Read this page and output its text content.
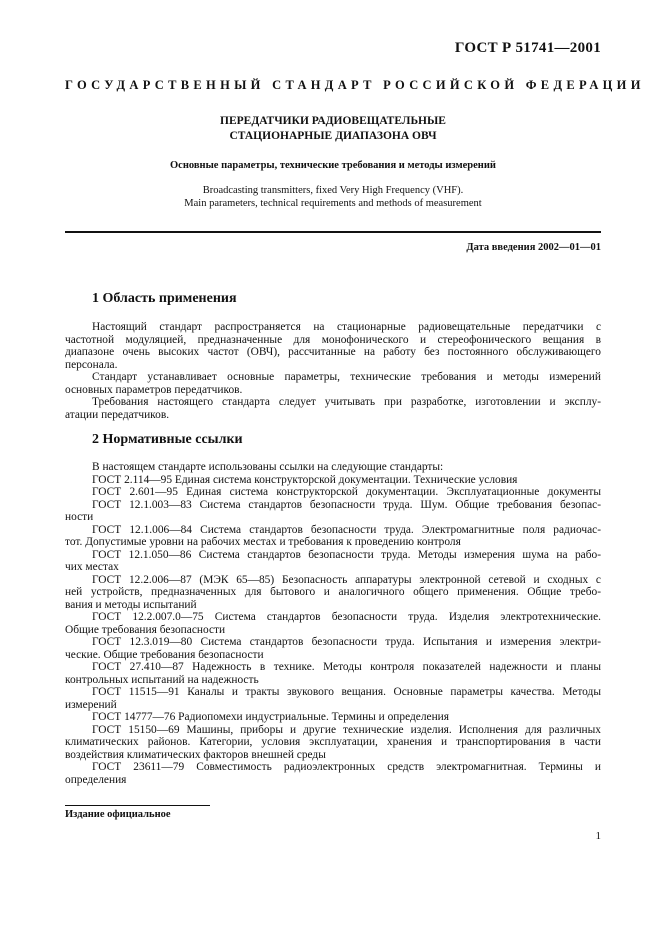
ГОСТ Р 51741—2001
ГОСУДАРСТВЕННЫЙ СТАНДАРТ РОССИЙСКОЙ ФЕДЕРАЦИИ
ПЕРЕДАТЧИКИ РАДИОВЕЩАТЕЛЬНЫЕ
СТАЦИОНАРНЫЕ ДИАПАЗОНА ОВЧ
Основные параметры, технические требования и методы измерений
Broadcasting transmitters, fixed Very High Frequency (VHF).
Main parameters, technical requirements and methods of measurement
Дата введения 2002—01—01
1 Область применения
Настоящий стандарт распространяется на стационарные радиовещательные передатчики с
частотной модуляцией, предназначенные для монофонического и стереофонического вещания в
диапазоне очень высоких частот (ОВЧ), рассчитанные на работу без постоянного обслуживающего
персонала.
Стандарт устанавливает основные параметры, технические требования и методы измерений
основных параметров передатчиков.
Требования настоящего стандарта следует учитывать при разработке, изготовлении и эксплу-
атации передатчиков.
2 Нормативные ссылки
В настоящем стандарте использованы ссылки на следующие стандарты:
ГОСТ 2.114—95 Единая система конструкторской документации. Технические условия
ГОСТ 2.601—95 Единая система конструкторской документации. Эксплуатационные документы
ГОСТ 12.1.003—83 Система стандартов безопасности труда. Шум. Общие требования безопас-
ности
ГОСТ 12.1.006—84 Система стандартов безопасности труда. Электромагнитные поля радиочас-
тот. Допустимые уровни на рабочих местах и требования к проведению контроля
ГОСТ 12.1.050—86 Система стандартов безопасности труда. Методы измерения шума на рабо-
чих местах
ГОСТ 12.2.006—87 (МЭК 65—85) Безопасность аппаратуры электронной сетевой и сходных с
ней устройств, предназначенных для бытового и аналогичного общего применения. Общие требо-
вания и методы испытаний
ГОСТ 12.2.007.0—75 Система стандартов безопасности труда. Изделия электротехнические.
Общие требования безопасности
ГОСТ 12.3.019—80 Система стандартов безопасности труда. Испытания и измерения электри-
ческие. Общие требования безопасности
ГОСТ 27.410—87 Надежность в технике. Методы контроля показателей надежности и планы
контрольных испытаний на надежность
ГОСТ 11515—91 Каналы и тракты звукового вещания. Основные параметры качества. Методы
измерений
ГОСТ 14777—76 Радиопомехи индустриальные. Термины и определения
ГОСТ 15150—69 Машины, приборы и другие технические изделия. Исполнения для различных
климатических районов. Категории, условия эксплуатации, хранения и транспортирования в части
воздействия климатических факторов внешней среды
ГОСТ 23611—79 Совместимость радиоэлектронных средств электромагнитная. Термины и
определения
Издание официальное
1
